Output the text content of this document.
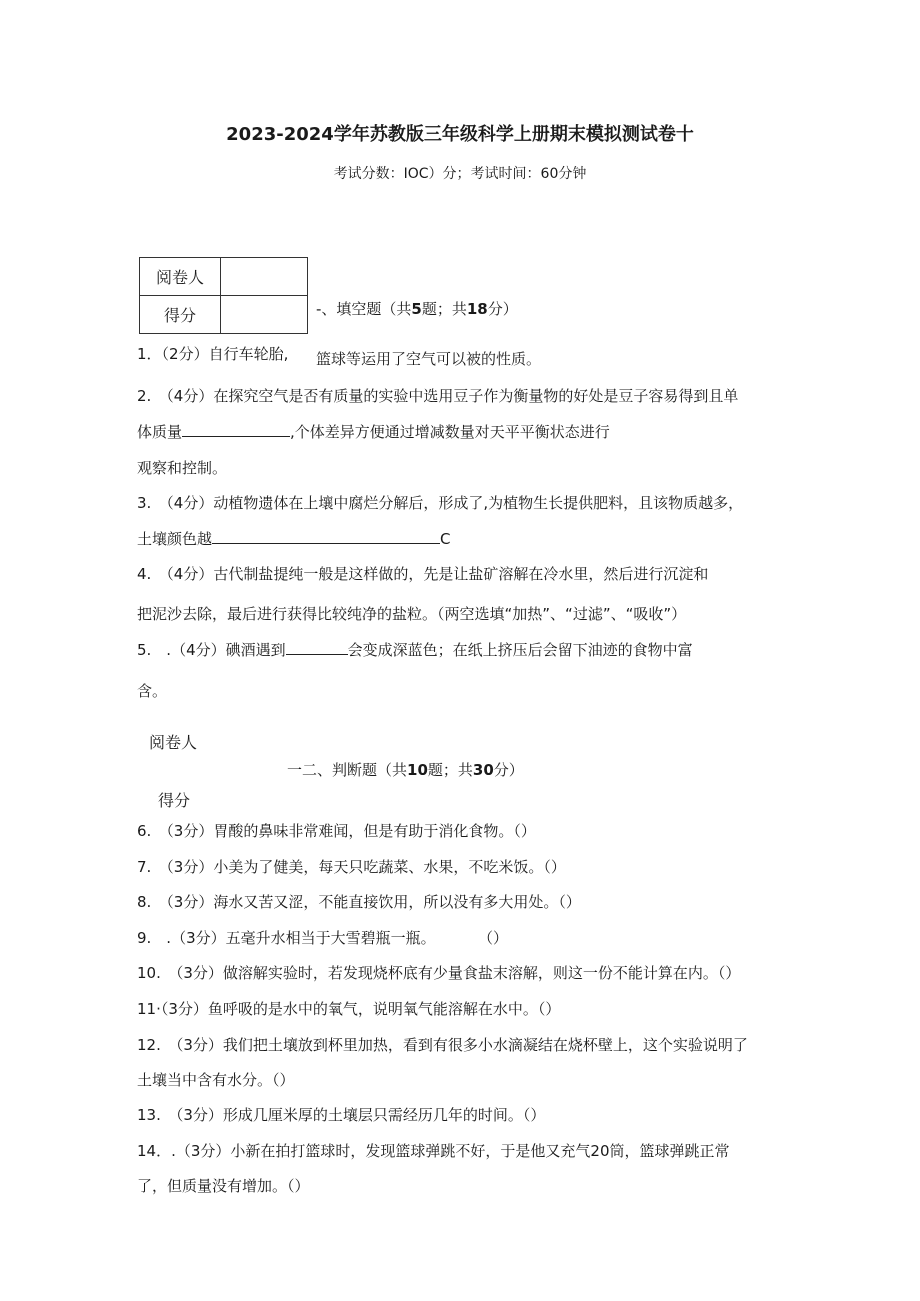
2023-2024学年苏教版三年级科学上册期末模拟测试卷十
考试分数：IOC）分；考试时间：60分钟
阅卷人	
得分		-、填空题（共5题；共18分）
1．（2分）自行车轮胎, 篮球等运用了空气可以被的性质。
2.　（4分）在探究空气是否有质量的实验中选用豆子作为衡量物的好处是豆子容易得到且单
体质量	,个体差异方便通过增减数量对天平平衡状态进行
观察和控制。
3.　（4分）动植物遗体在上壤中腐烂分解后，形成了,为植物生长提供肥料，且该物质越多，
土壤颜色越	C
4.　（4分）古代制盐提纯一般是这样做的，先是让盐矿溶解在冷水里，然后进行沉淀和
把泥沙去除，最后进行获得比较纯净的盐粒。（两空选填“加热”、“过滤”、“吸收”）
5.　.（4分）碘酒遇到	会变成深蓝色；在纸上挤压后会留下油迹的食物中富
含。
阅卷人
得分
一二、判断题（共10题；共30分）
6.　（3分）胃酸的鼻味非常难闻，但是有助于消化食物。（）
7.　（3分）小美为了健美，每天只吃蔬菜、水果，不吃米饭。（）
8.　（3分）海水又苦又涩，不能直接饮用，所以没有多大用处。（）
9.　.（3分）五毫升水相当于大雪碧瓶一瓶。	（）
10.　（3分）做溶解实验时，若发现烧杯底有少量食盐末溶解，则这一份不能计算在内。（）
11·（3分）鱼呼吸的是水中的氧气，说明氧气能溶解在水中。（）
12.　（3分）我们把土壤放到杯里加热，看到有很多小水滴凝结在烧杯壁上，这个实验说明了
土壤当中含有水分。（）
13.　（3分）形成几厘米厚的土壤层只需经历几年的时间。（）
14．.（3分）小新在拍打篮球时，发现篮球弹跳不好，于是他又充气20筒，篮球弹跳正常
了，但质量没有增加。（）
